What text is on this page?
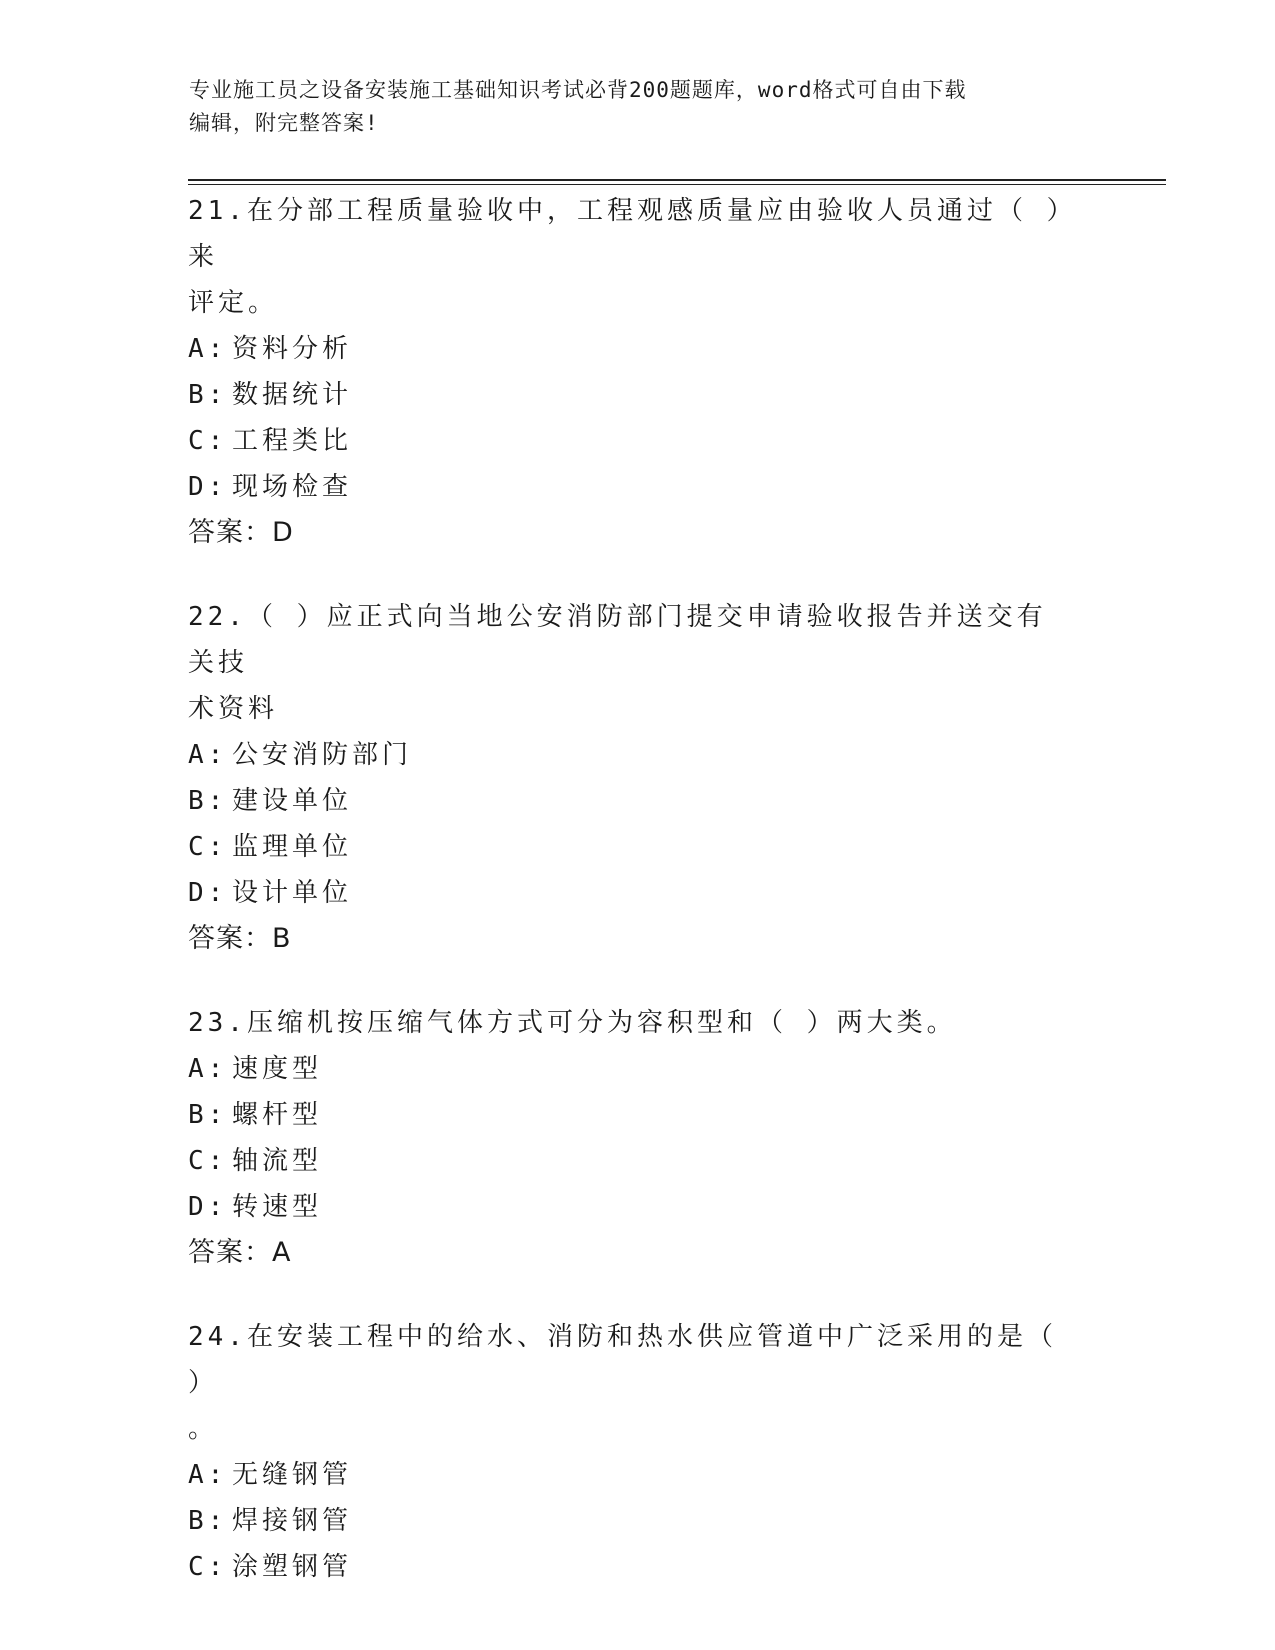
专业施工员之设备安装施工基础知识考试必背200题题库，word格式可自由下载
编辑，附完整答案!
21.在分部工程质量验收中，工程观感质量应由验收人员通过（ ）来
评定。
A: 资料分析
B: 数据统计
C: 工程类比
D: 现场检查
答案：D
22.（ ）应正式向当地公安消防部门提交申请验收报告并送交有关技
术资料
A: 公安消防部门
B: 建设单位
C: 监理单位
D: 设计单位
答案：B
23.压缩机按压缩气体方式可分为容积型和（ ）两大类。
A: 速度型
B: 螺杆型
C: 轴流型
D: 转速型
答案：A
24.在安装工程中的给水、消防和热水供应管道中广泛采用的是（ ）
。
A: 无缝钢管
B: 焊接钢管
C: 涂塑钢管
